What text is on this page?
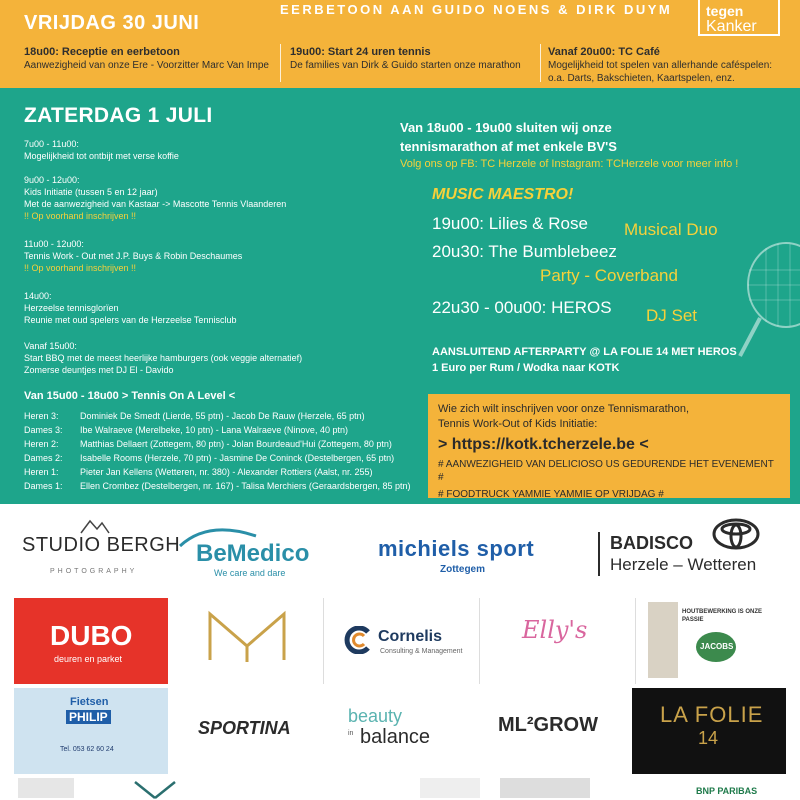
VRIJDAG 30 JUNI
EERBETOON AAN GUIDO NOENS & DIRK DUYM tegen
Kanker
18u00: Receptie en eerbetoon
Aanwezigheid van onze Ere - Voorzitter Marc Van Impe
19u00: Start 24 uren tennis
De families van Dirk & Guido starten onze marathon
Vanaf 20u00: TC Café
Mogelijkheid tot spelen van allerhande caféspelen:
o.a. Darts, Bakschieten, Kaartspelen, enz.
ZATERDAG 1 JULI
7u00 - 11u00:
Mogelijkheid tot ontbijt met verse koffie
9u00 - 12u00:
Kids Initiatie (tussen 5 en 12 jaar)
Met de aanwezigheid van Kastaar -> Mascotte Tennis Vlaanderen
!! Op voorhand inschrijven !!
11u00 - 12u00:
Tennis Work - Out met J.P. Buys & Robin Deschaumes
!! Op voorhand inschrijven !!
14u00:
Herzeelse tennisglorïen
Reunie met oud spelers van de Herzeelse Tennisclub
Vanaf 15u00:
Start BBQ met de meest heerlijke hamburgers (ook veggie alternatief)
Zomerse deuntjes met DJ El - Davido
Van 15u00 - 18u00 > Tennis On A Level <
Heren 3: Dominiek De Smedt (Lierde, 55 ptn) - Jacob De Rauw (Herzele, 65 ptn)
Dames 3: Ibe Walraeve (Merelbeke, 10 ptn) - Lana Walraeve (Ninove, 40 ptn)
Heren 2: Matthias Dellaert (Zottegem, 80 ptn) - Jolan Bourdeaud'Hui (Zottegem, 80 ptn)
Dames 2: Isabelle Rooms (Herzele, 70 ptn) - Jasmine De Coninck (Destelbergen, 65 ptn)
Heren 1: Pieter Jan Kellens (Wetteren, nr. 380) - Alexander Rottiers (Aalst, nr. 255)
Dames 1: Ellen Crombez (Destelbergen, nr. 167) - Talisa Merchiers (Geraardsbergen, 85 ptn)
Van 18u00 - 19u00 sluiten wij onze
tennismarathon af met enkele BV'S
Volg ons op FB: TC Herzele of Instagram: TCHerzele voor meer info !
MUSIC MAESTRO!
19u00: Lilies & Rose Musical Duo
20u30: The Bumblebeez
Party - Coverband
22u30 - 00u00: HEROS DJ Set
AANSLUITEND AFTERPARTY @ LA FOLIE 14 MET HEROS
1 Euro per Rum / Wodka naar KOTK
Wie zich wilt inschrijven voor onze Tennismarathon,
Tennis Work-Out of Kids Initiatie:
> https://kotk.tcherzele.be <
# AANWEZIGHEID VAN DELICIOSO US GEDURENDE HET EVENEMENT #
# FOODTRUCK YAMMIE YAMMIE OP VRIJDAG #
STUDIO BERGH
PHOTOGRAPHY
BeMedico
We care and dare
michiels sport
Zottegem
BADISCO
Herzele – Wetteren
DUBO
deuren en parket
Cornelis
Consulting & Management
Elly's
HOUTBEWERKING IS ONZE PASSIE
JACOBS
Fietsen
PHILIP
Tel. 053 62 60 24
SPORTINA
beauty
in balance
ML²GROW	LA FOLIE
14
BNP PARIBAS
